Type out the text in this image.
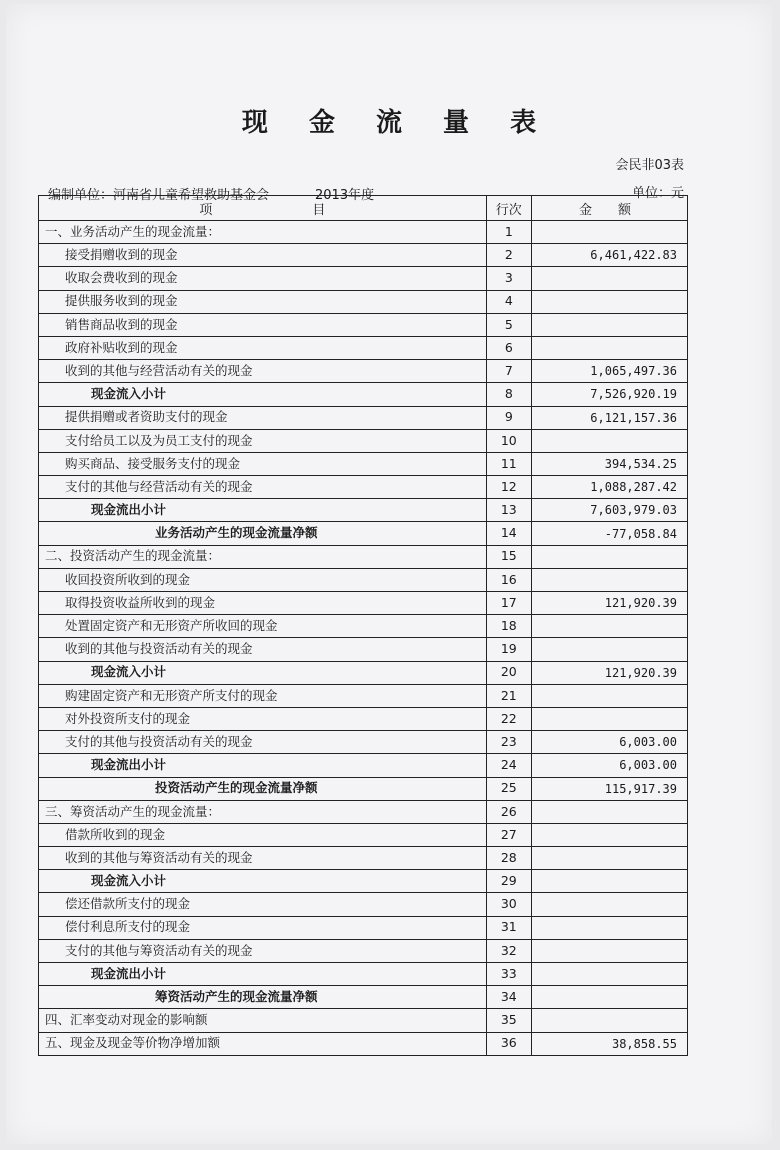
现 金 流 量 表
会民非03表
编制单位：河南省儿童希望救助基金会	2013年度	单位：元
项 目	行次	金　　额
一、业务活动产生的现金流量：	1	
接受捐赠收到的现金	2	6,461,422.83
收取会费收到的现金	3	
提供服务收到的现金	4	
销售商品收到的现金	5	
政府补贴收到的现金	6	
收到的其他与经营活动有关的现金	7	1,065,497.36
现金流入小计	8	7,526,920.19
提供捐赠或者资助支付的现金	9	6,121,157.36
支付给员工以及为员工支付的现金	10	
购买商品、接受服务支付的现金	11	394,534.25
支付的其他与经营活动有关的现金	12	1,088,287.42
现金流出小计	13	7,603,979.03
业务活动产生的现金流量净额	14	-77,058.84
二、投资活动产生的现金流量：	15	
收回投资所收到的现金	16	
取得投资收益所收到的现金	17	121,920.39
处置固定资产和无形资产所收回的现金	18	
收到的其他与投资活动有关的现金	19	
现金流入小计	20	121,920.39
购建固定资产和无形资产所支付的现金	21	
对外投资所支付的现金	22	
支付的其他与投资活动有关的现金	23	6,003.00
现金流出小计	24	6,003.00
投资活动产生的现金流量净额	25	115,917.39
三、筹资活动产生的现金流量：	26	
借款所收到的现金	27	
收到的其他与筹资活动有关的现金	28	
现金流入小计	29	
偿还借款所支付的现金	30	
偿付利息所支付的现金	31	
支付的其他与筹资活动有关的现金	32	
现金流出小计	33	
筹资活动产生的现金流量净额	34	
四、汇率变动对现金的影响额	35	
五、现金及现金等价物净增加额	36	38,858.55
